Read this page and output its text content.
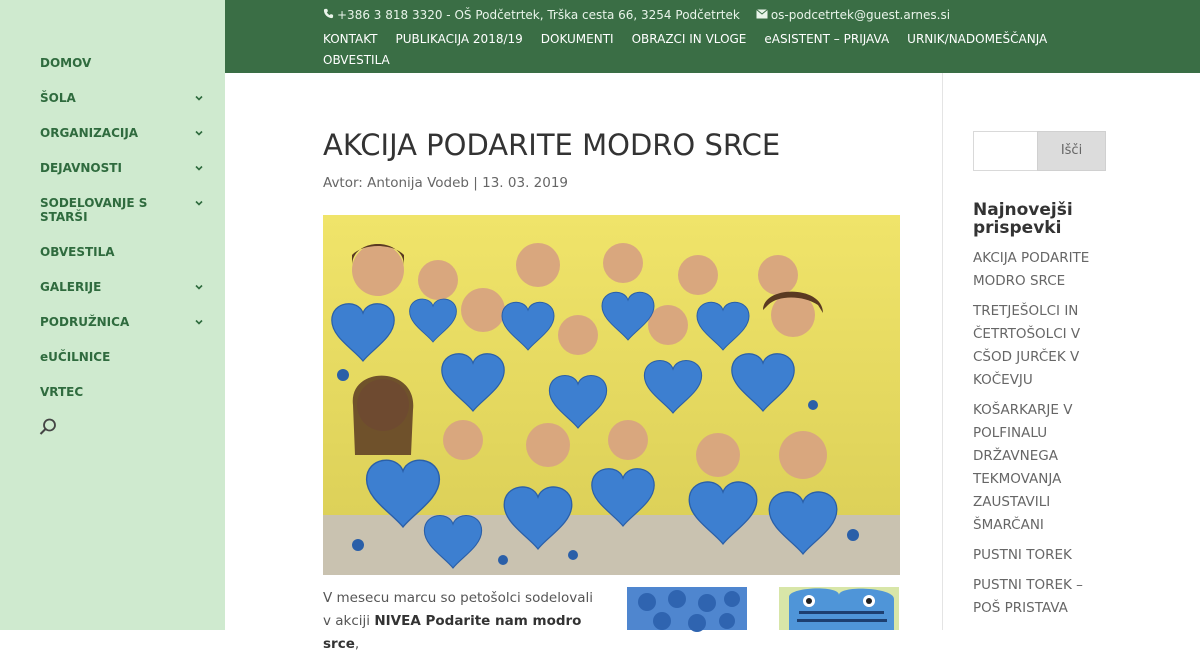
DOMOV
ŠOLA
ORGANIZACIJA
DEJAVNOSTI
SODELOVANJE S STARŠI
OBVESTILA
GALERIJE
PODRUŽNICA
eUČILNICE
VRTEC
+386 3 818 3320 - OŠ Podčetrtek, Trška cesta 66, 3254 Podčetrtek	os-podcetrtek@guest.arnes.si
KONTAKT PUBLIKACIJA 2018/19 DOKUMENTI OBRAZCI IN VLOGE eASISTENT – PRIJAVA URNIK/NADOMEŠČANJA
OBVESTILA
AKCIJA PODARITE MODRO SRCE
Avtor: Antonija Vodeb | 13. 03. 2019
V mesecu marcu so petošolci sodelovali v akciji NIVEA Podarite nam modro srce,
Išči
Najnovejši prispevki
AKCIJA PODARITE MODRO SRCE
TRETJEŠOLCI IN ČETRTOŠOLCI V CŠOD JURČEK V KOČEVJU
KOŠARKARJE V POLFINALU DRŽAVNEGA TEKMOVANJA ZAUSTAVILI ŠMARČANI
PUSTNI TOREK
PUSTNI TOREK – POŠ PRISTAVA
